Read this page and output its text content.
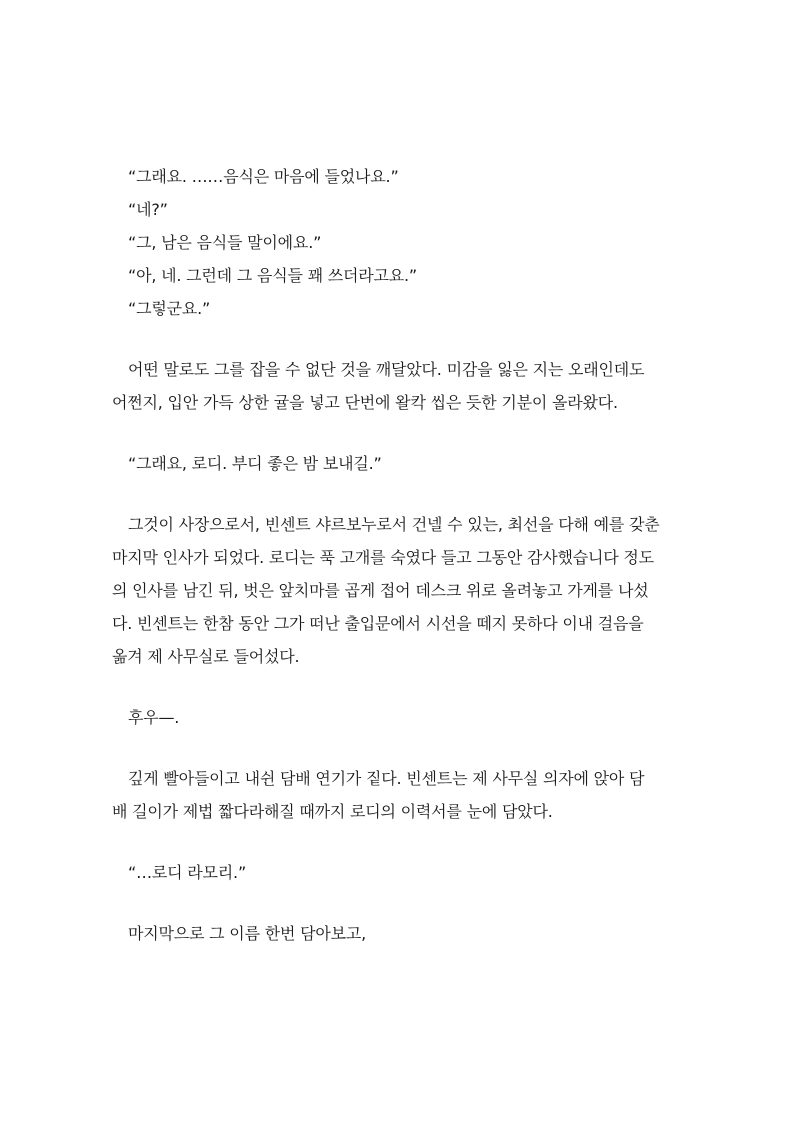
“그래요. ……음식은 마음에 들었나요.”
“네?”
“그, 남은 음식들 말이에요.”
“아, 네. 그런데 그 음식들 꽤 쓰더라고요.”
“그렇군요.”
어떤 말로도 그를 잡을 수 없단 것을 깨달았다. 미감을 잃은 지는 오래인데도
어쩐지, 입안 가득 상한 귤을 넣고 단번에 왈칵 씹은 듯한 기분이 올라왔다.
“그래요, 로디. 부디 좋은 밤 보내길.”
그것이 사장으로서, 빈센트 샤르보누로서 건넬 수 있는, 최선을 다해 예를 갖춘
마지막 인사가 되었다. 로디는 푹 고개를 숙였다 들고 그동안 감사했습니다 정도
의 인사를 남긴 뒤, 벗은 앞치마를 곱게 접어 데스크 위로 올려놓고 가게를 나섰
다. 빈센트는 한참 동안 그가 떠난 출입문에서 시선을 떼지 못하다 이내 걸음을
옮겨 제 사무실로 들어섰다.
후우—.
깊게 빨아들이고 내쉰 담배 연기가 짙다. 빈센트는 제 사무실 의자에 앉아 담
배 길이가 제법 짧다라해질 때까지 로디의 이력서를 눈에 담았다.
“…로디 라모리.”
마지막으로 그 이름 한번 담아보고,
